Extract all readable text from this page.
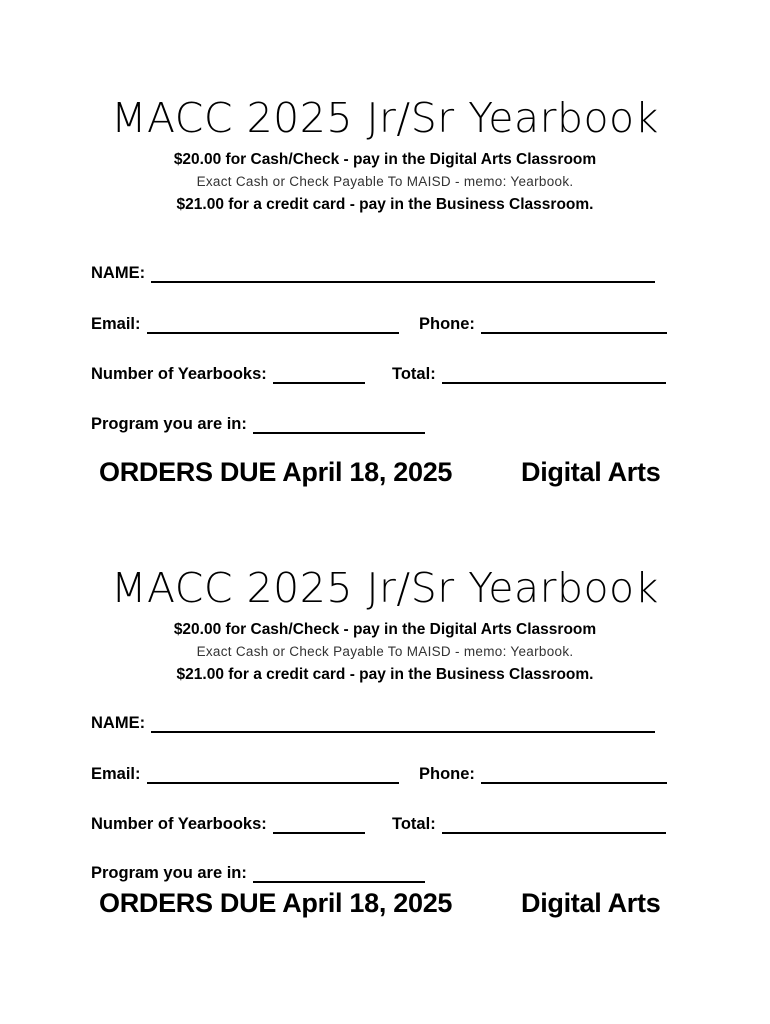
MACC 2025 Jr/Sr Yearbook
$20.00 for Cash/Check - pay in the Digital Arts Classroom
Exact Cash or Check Payable To MAISD - memo: Yearbook.
$21.00 for a credit card - pay in the Business Classroom.
NAME:
Email:	Phone:
Number of Yearbooks:	Total:
Program you are in:
ORDERS DUE April 18, 2025	Digital Arts
MACC 2025 Jr/Sr Yearbook
$20.00 for Cash/Check - pay in the Digital Arts Classroom
Exact Cash or Check Payable To MAISD - memo: Yearbook.
$21.00 for a credit card - pay in the Business Classroom.
NAME:
Email:	Phone:
Number of Yearbooks:	Total:
Program you are in:
ORDERS DUE April 18, 2025	Digital Arts
